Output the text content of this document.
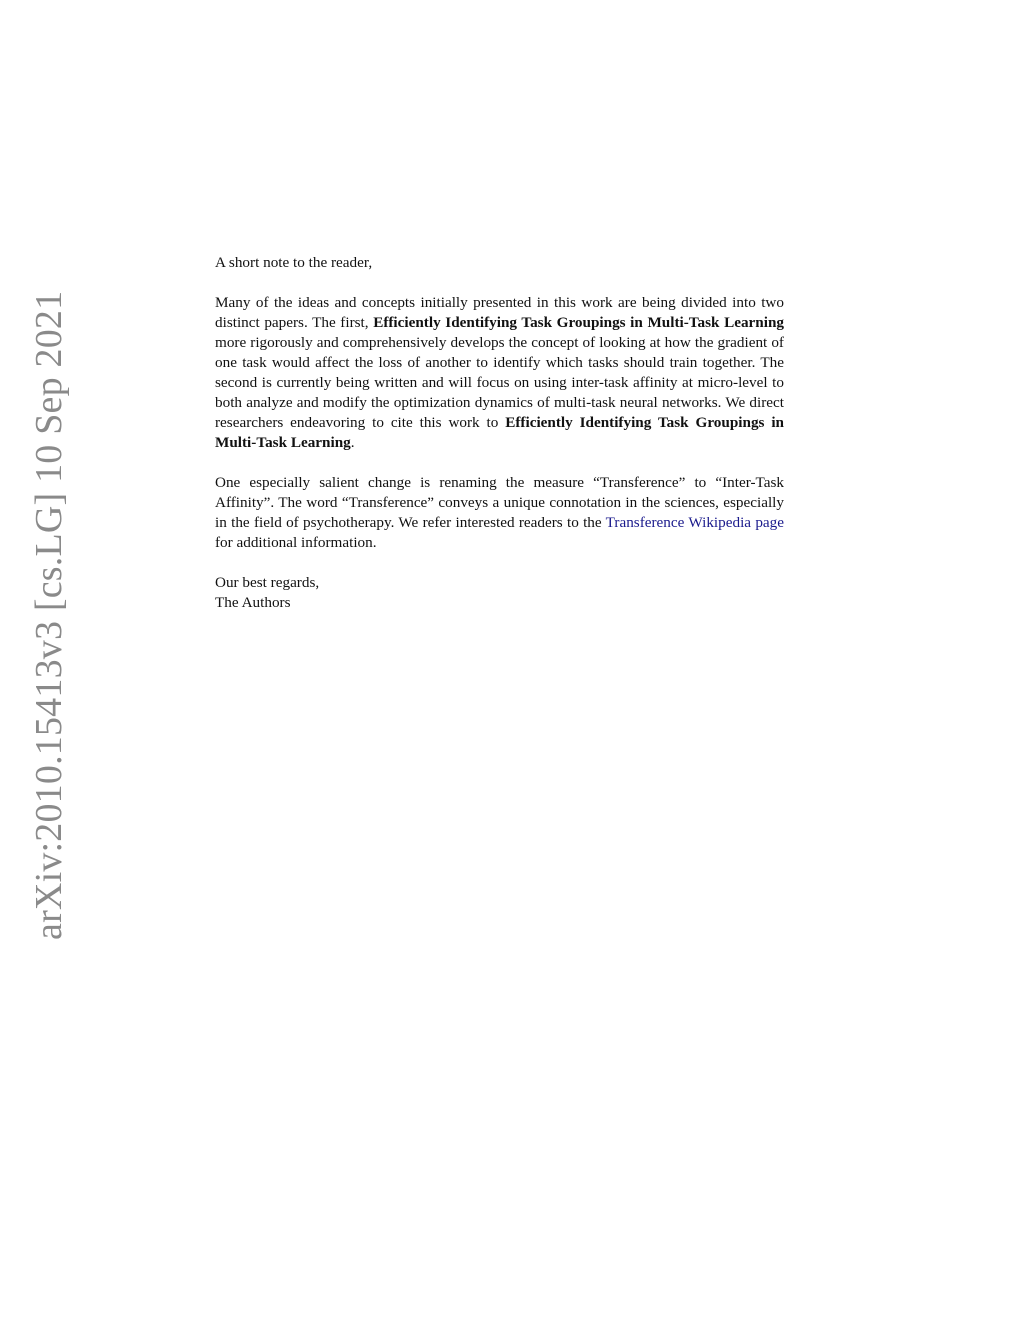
arXiv:2010.15413v3 [cs.LG] 10 Sep 2021

A short note to the reader,

Many of the ideas and concepts initially presented in this work are being divided into two distinct papers. The first, Efficiently Identifying Task Groupings in Multi-Task Learning more rigorously and comprehensively develops the concept of looking at how the gradient of one task would affect the loss of another to identify which tasks should train together. The second is currently being written and will focus on using inter-task affinity at micro-level to both analyze and modify the optimization dynamics of multi-task neural networks. We direct researchers endeavoring to cite this work to Efficiently Identifying Task Groupings in Multi-Task Learning.

One especially salient change is renaming the measure “Transference” to “Inter-Task Affinity”. The word “Transference” conveys a unique connotation in the sciences, especially in the field of psychotherapy. We refer interested readers to the Transference Wikipedia page for additional information.

Our best regards,

The Authors
